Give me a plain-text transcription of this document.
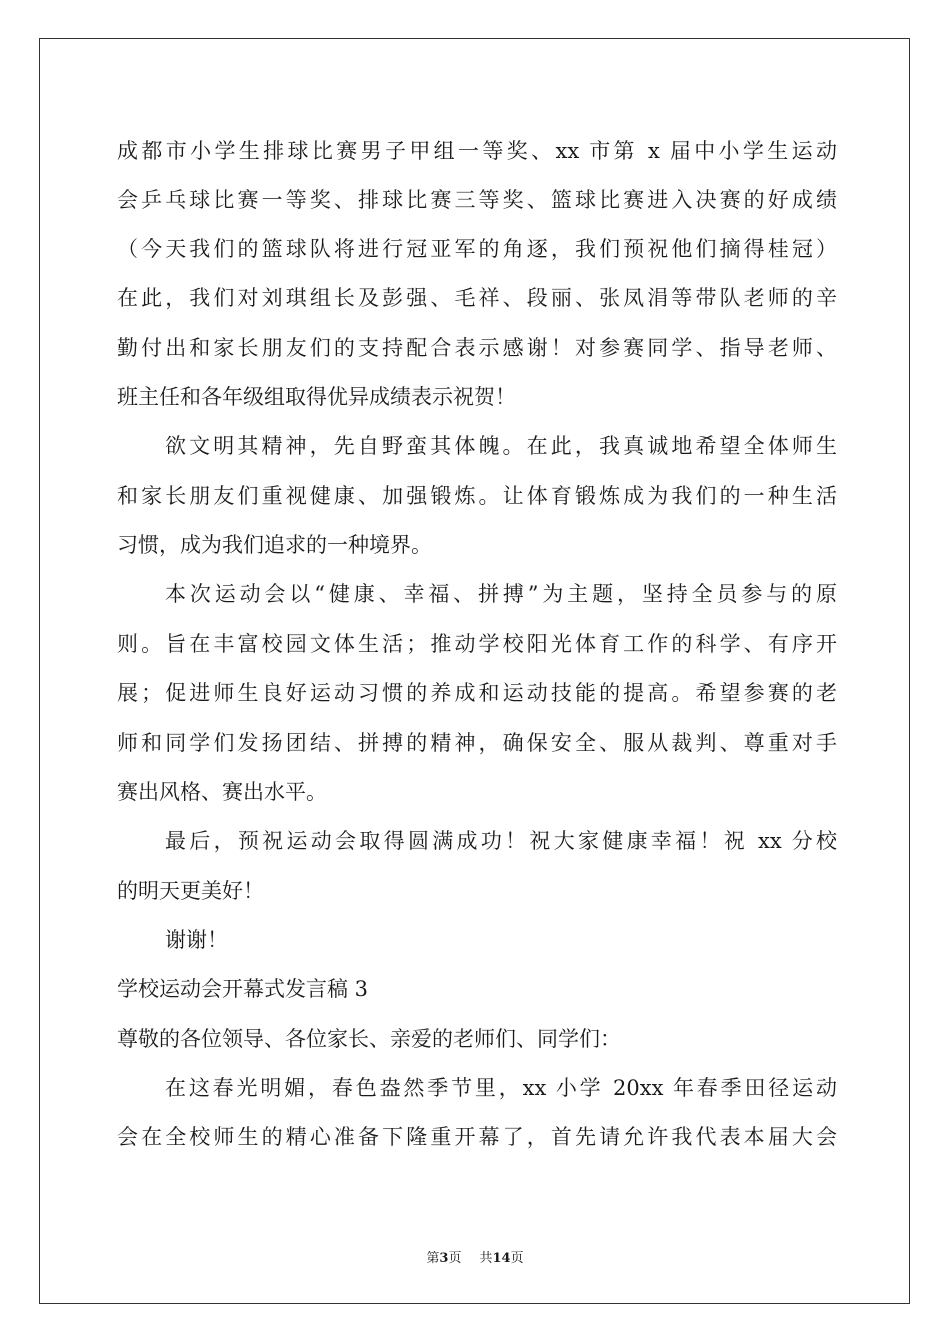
成都市小学生排球比赛男子甲组一等奖、xx 市第 x 届中小学生运动
会乒乓球比赛一等奖、排球比赛三等奖、篮球比赛进入决赛的好成绩
（今天我们的篮球队将进行冠亚军的角逐，我们预祝他们摘得桂冠）
在此，我们对刘琪组长及彭强、毛祥、段丽、张凤涓等带队老师的辛
勤付出和家长朋友们的支持配合表示感谢！对参赛同学、指导老师、
班主任和各年级组取得优异成绩表示祝贺！
欲文明其精神，先自野蛮其体魄。在此，我真诚地希望全体师生
和家长朋友们重视健康、加强锻炼。让体育锻炼成为我们的一种生活
习惯，成为我们追求的一种境界。
本次运动会以“健康、幸福、拼搏”为主题，坚持全员参与的原
则。旨在丰富校园文体生活；推动学校阳光体育工作的科学、有序开
展；促进师生良好运动习惯的养成和运动技能的提高。希望参赛的老
师和同学们发扬团结、拼搏的精神，确保安全、服从裁判、尊重对手
赛出风格、赛出水平。
最后，预祝运动会取得圆满成功！祝大家健康幸福！祝 xx 分校
的明天更美好！
谢谢！
学校运动会开幕式发言稿 3
尊敬的各位领导、各位家长、亲爱的老师们、同学们：
在这春光明媚，春色盎然季节里，xx 小学 20xx 年春季田径运动
会在全校师生的精心准备下隆重开幕了，首先请允许我代表本届大会
第3页 共14页
